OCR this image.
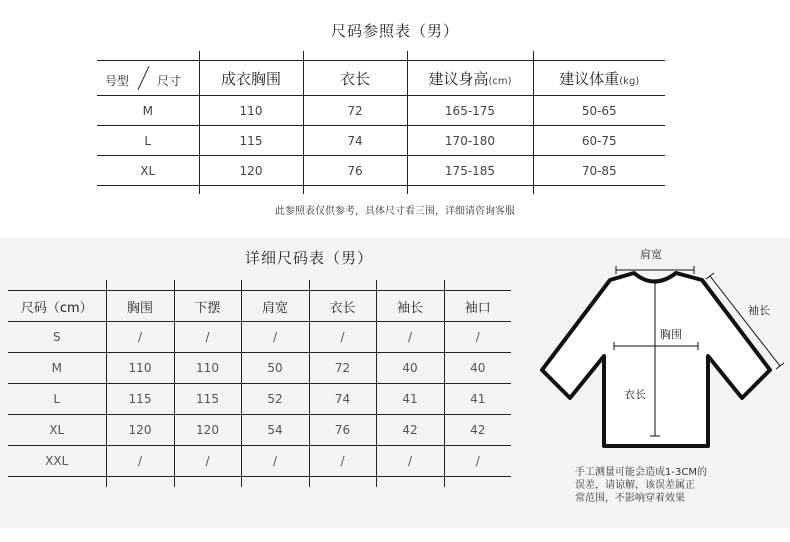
尺码参照表（男）
号型 尺寸	成衣胸围	衣长	建议身高(cm)	建议体重(kg)
M	110	72	165-175	50-65
L	115	74	170-180	60-75
XL	120	76	175-185	70-85
此参照表仅供参考，具体尺寸看三围，详细请咨询客服
详细尺码表（男）
尺码（cm）	胸围	下摆	肩宽	衣长	袖长	袖口
S	/	/	/	/	/	/
M	110	110	50	72	40	40
L	115	115	52	74	41	41
XL	120	120	54	76	42	42
XXL	/	/	/	/	/	/
肩宽
袖长
胸围
衣长
手工测量可能会造成1-3CM的
误差，请谅解，该误差属正
常范围，不影响穿着效果
